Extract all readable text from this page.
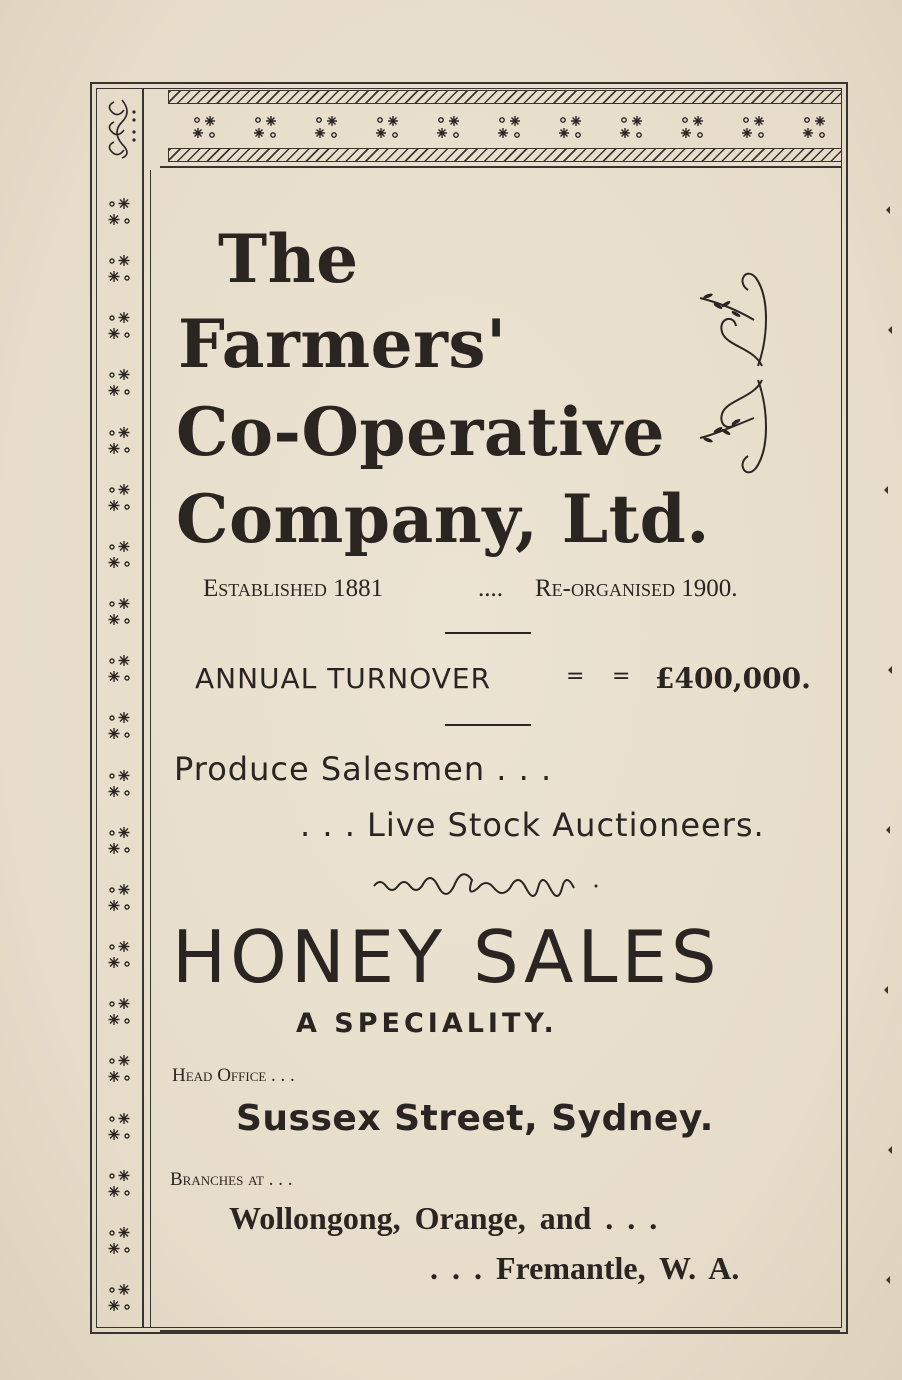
The
Farmers'
Co-Operative
Company, Ltd.
Established 1881	.... Re-organised 1900.
ANNUAL TURNOVER	= = £400,000.
Produce Salesmen . . .
. . . Live Stock Auctioneers.
HONEY SALES
A SPECIALITY.
Head Office . . .
Sussex Street, Sydney.
Branches at . . .
Wollongong, Orange, and . . .
. . . Fremantle, W. A.
